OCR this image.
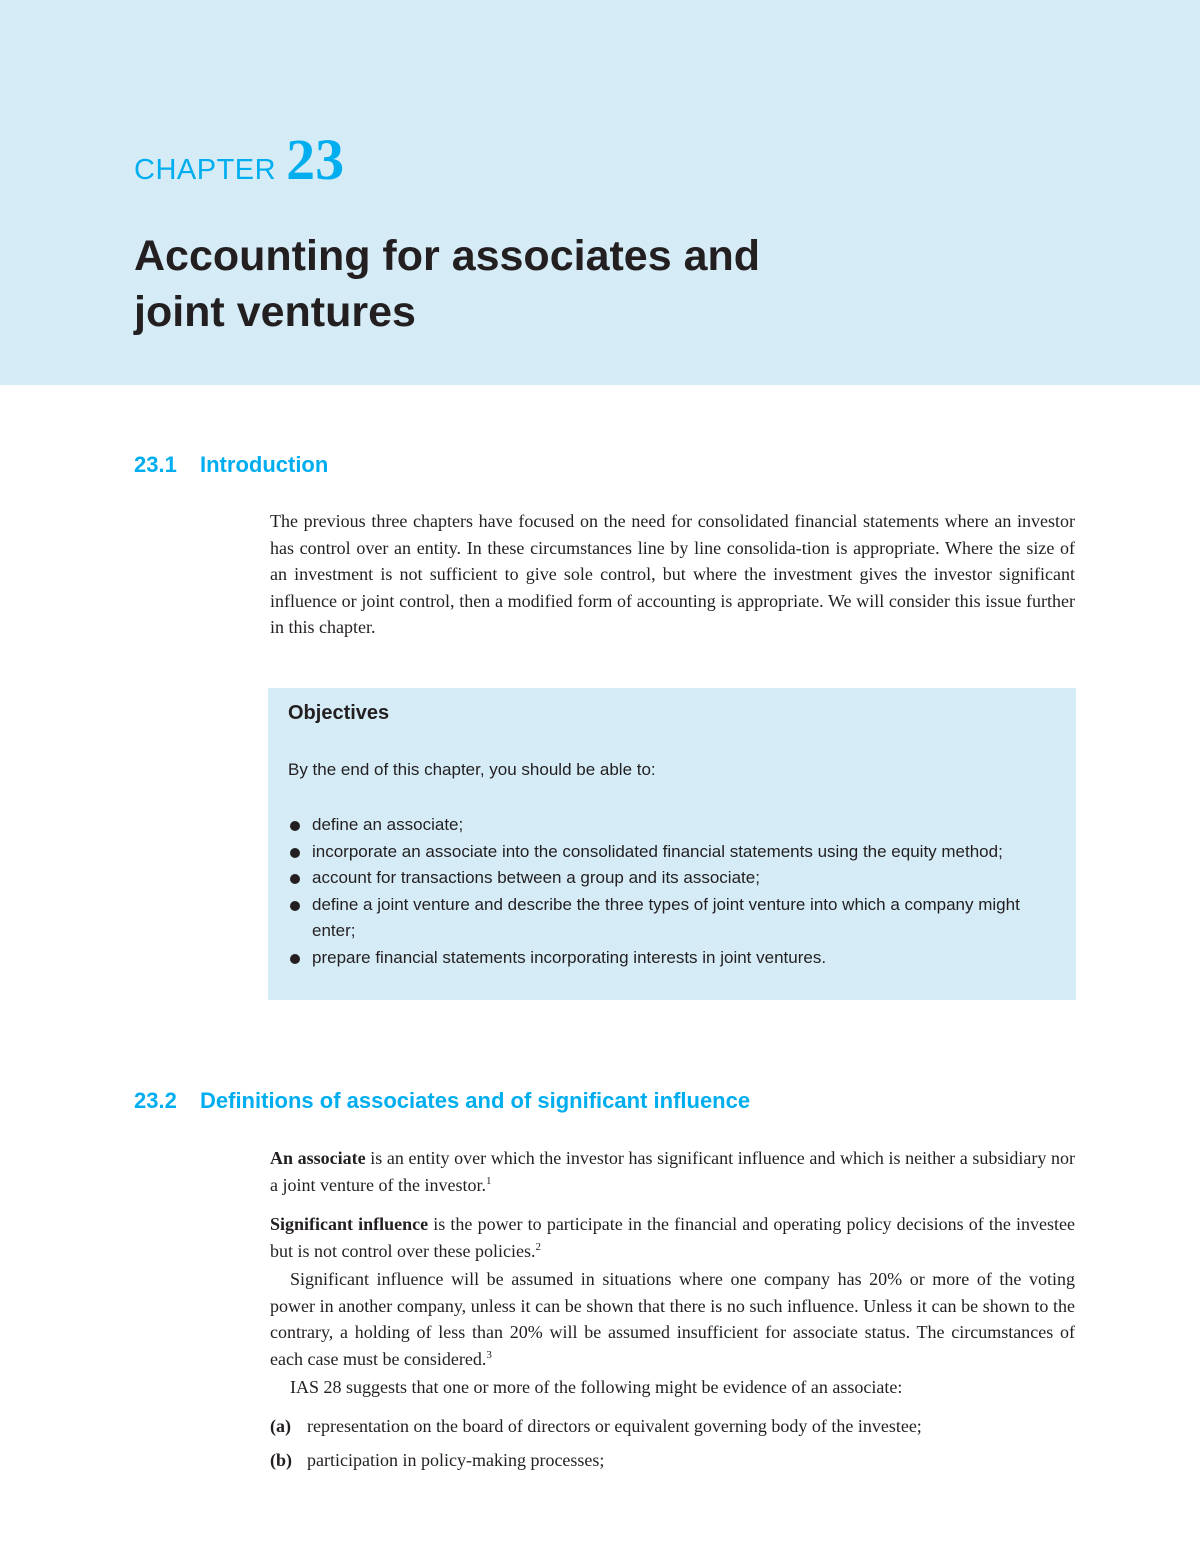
CHAPTER 23
Accounting for associates and
joint ventures
23.1 Introduction

The previous three chapters have focused on the need for consolidated financial statements where an investor has control over an entity. In these circumstances line by line consolida-tion is appropriate. Where the size of an investment is not sufficient to give sole control, but where the investment gives the investor significant influence or joint control, then a modified form of accounting is appropriate. We will consider this issue further in this chapter.

Objectives

By the end of this chapter, you should be able to:

define an associate;
incorporate an associate into the consolidated financial statements using the equity method;
account for transactions between a group and its associate;
define a joint venture and describe the three types of joint venture into which a company might enter;
prepare financial statements incorporating interests in joint ventures.
23.2 Definitions of associates and of significant influence

An associate is an entity over which the investor has significant influence and which is neither a subsidiary nor a joint venture of the investor.$^1$

Significant influence is the power to participate in the financial and operating policy decisions of the investee but is not control over these policies.$^2$

Significant influence will be assumed in situations where one company has 20% or more of the voting power in another company, unless it can be shown that there is no such influence. Unless it can be shown to the contrary, a holding of less than 20% will be assumed insufficient for associate status. The circumstances of each case must be considered.$^3$

IAS 28 suggests that one or more of the following might be evidence of an associate:

(a) representation on the board of directors or equivalent governing body of the investee;

(b) participation in policy-making processes;
